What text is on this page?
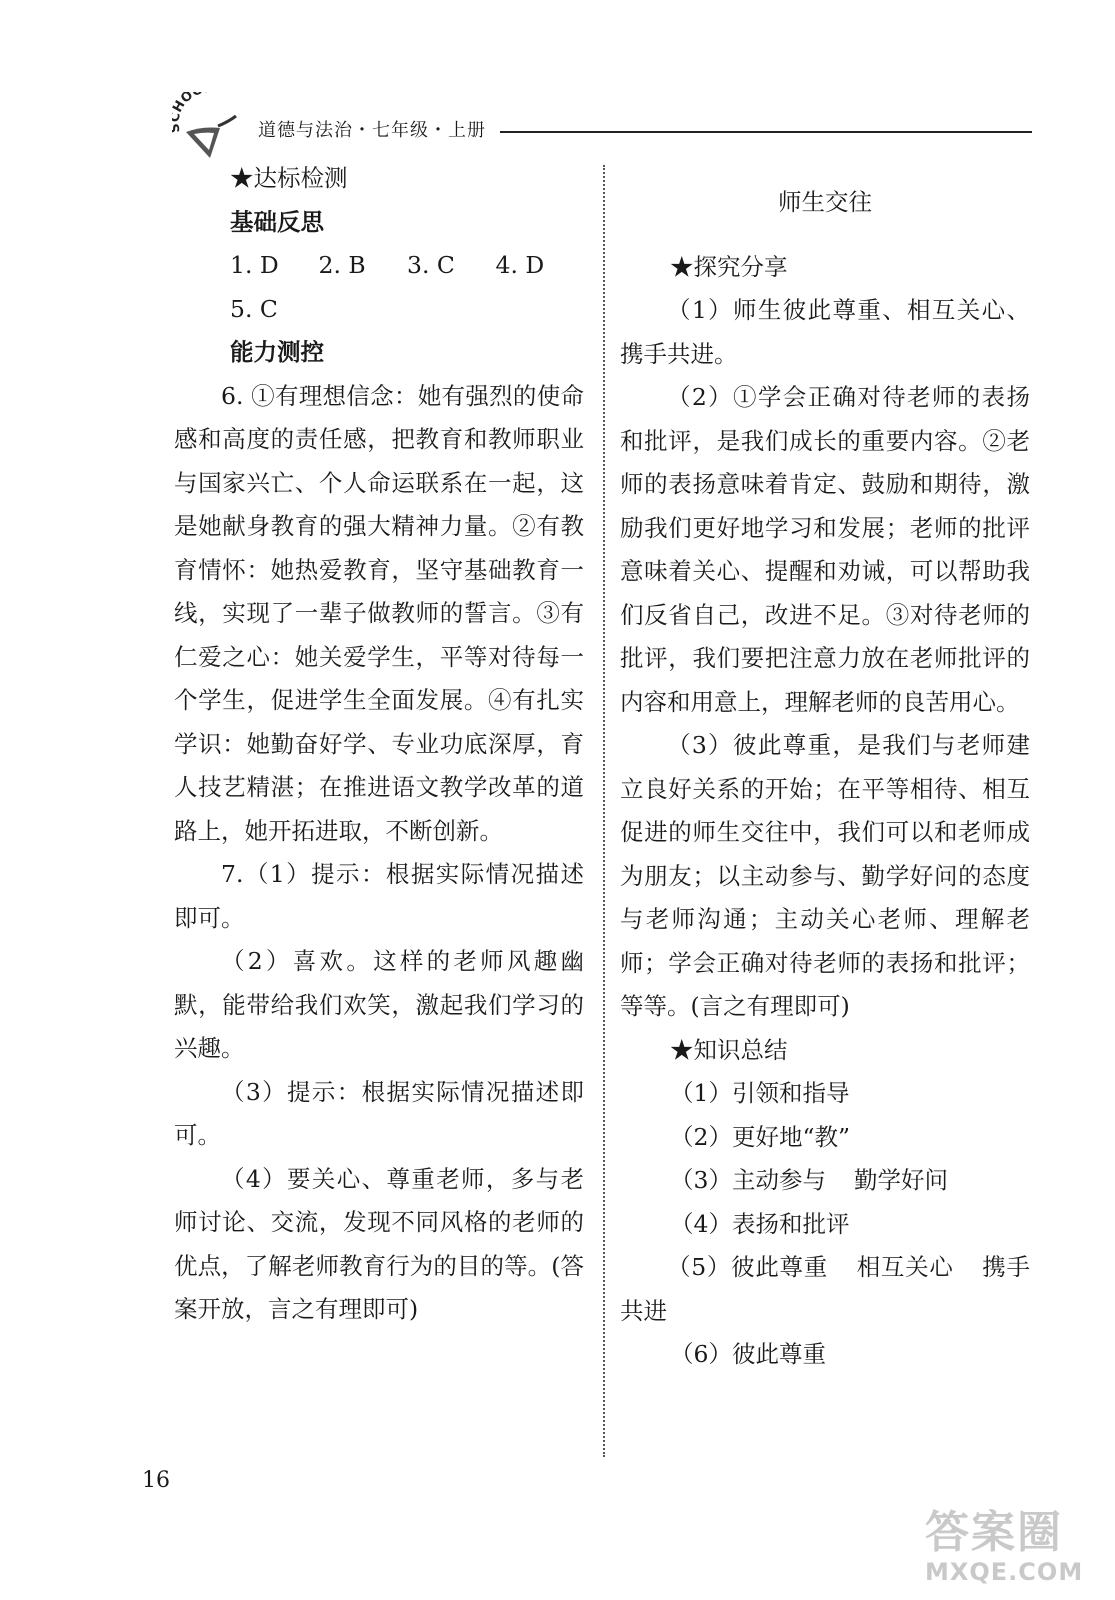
HO
道德与法治・七年级・上册

★达标检测

基础反思

1. D	2. B	3. C	4. D

5. C

能力测控

6. ①有理想信念：她有强烈的使命感和高度的责任感，把教育和教师职业与国家兴亡、个人命运联系在一起，这是她献身教育的强大精神力量。②有教育情怀：她热爱教育，坚守基础教育一线，实现了一辈子做教师的誓言。③有仁爱之心：她关爱学生，平等对待每一个学生，促进学生全面发展。④有扎实学识：她勤奋好学、专业功底深厚，育人技艺精湛；在推进语文教学改革的道路上，她开拓进取，不断创新。

7.（1）提示：根据实际情况描述即可。

（2）喜欢。这样的老师风趣幽默，能带给我们欢笑，激起我们学习的兴趣。

（3）提示：根据实际情况描述即可。

（4）要关心、尊重老师，多与老师讨论、交流，发现不同风格的老师的优点，了解老师教育行为的目的等。(答案开放，言之有理即可)

师生交往

★探究分享

（1）师生彼此尊重、相互关心、携手共进。

（2）①学会正确对待老师的表扬和批评，是我们成长的重要内容。②老师的表扬意味着肯定、鼓励和期待，激励我们更好地学习和发展；老师的批评意味着关心、提醒和劝诫，可以帮助我们反省自己，改进不足。③对待老师的批评，我们要把注意力放在老师批评的内容和用意上，理解老师的良苦用心。

（3）彼此尊重，是我们与老师建立良好关系的开始；在平等相待、相互促进的师生交往中，我们可以和老师成为朋友；以主动参与、勤学好问的态度与老师沟通；主动关心老师、理解老师；学会正确对待老师的表扬和批评；等等。(言之有理即可)

★知识总结

（1）引领和指导

（2）更好地“教”

（3）主动参与 勤学好问

（4）表扬和批评

（5）彼此尊重 相互关心 携手共进

（6）彼此尊重

16
答案圈
MXQE.COM
